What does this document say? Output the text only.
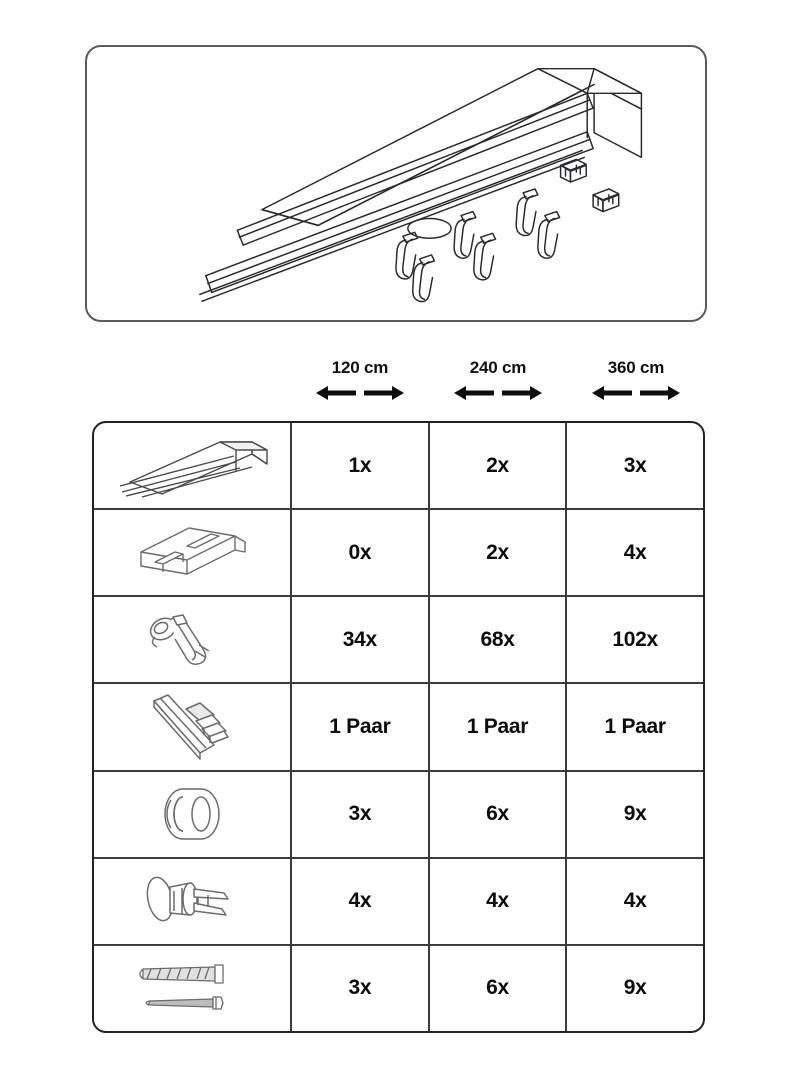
120 cm	240 cm	360 cm
1x	2x	3x
0x	2x	4x
34x	68x	102x
1 Paar	1 Paar	1 Paar
3x	6x	9x
4x	4x	4x
3x	6x	9x
